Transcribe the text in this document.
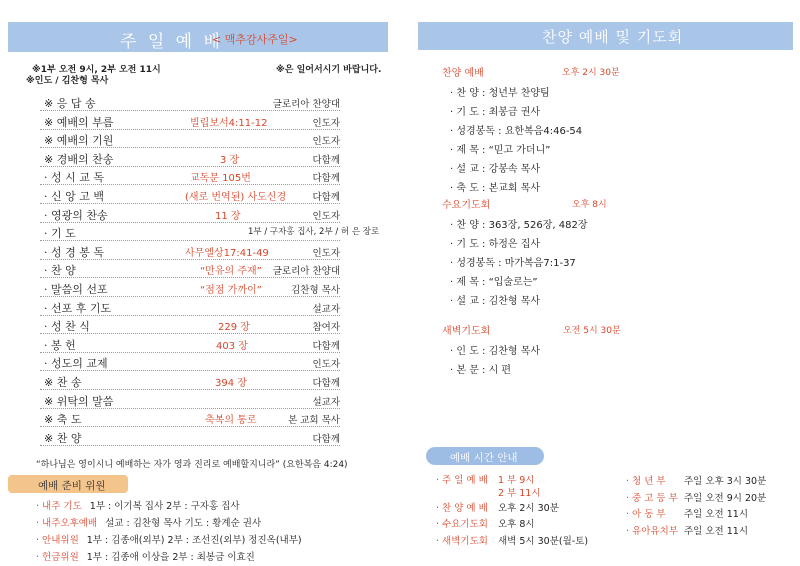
주 일 예 배
< 맥추감사주일>
※1부 오전 9시, 2부 오전 11시	※은 일어서시기 바랍니다.
※인도 / 김찬형 목사
※ 응 답 송	글로리아 찬양대
※ 예배의 부름	빌립보서4:11-12	인도자
※ 예배의 기원	인도자
※ 경배의 찬송	3 장	다함께
· 성 시 교 독	교독문 105번	다함께
· 신 앙 고 백	(새로 번역된) 사도신경	다함께
· 영광의 찬송	11 장	인도자
· 기 도	1부 / 구자홍 집사, 2부 / 허 은 장로
· 성 경 봉 독	사무엘상17:41-49	인도자
· 찬 양	“만유의 주재” 글로리아 찬양대
· 말씀의 선포	“점점 가까이”	김찬형 목사
· 선포 후 기도	설교자
· 성 찬 식	229 장	참여자
· 봉 헌	403 장	다함께
· 성도의 교제	인도자
※ 찬 송	394 장	다함께
※ 위탁의 말씀	설교자
※ 축 도	축복의 통로	본 교회 목사
※ 찬 양	다함께
“하나님은 영이시니 예배하는 자가 영과 진리로 예배할지니라” (요한복음 4:24)
예배 준비 위원
· 내주 기도 1부 : 이기복 집사 2부 : 구자홍 집사
· 내주오후예배 설교 : 김찬형 목사 기도 : 황계순 권사
· 안내위원 1부 : 김종애(외부) 2부 : 조선진(외부) 정진옥(내부)
· 헌금위원 1부 : 김종애 이상을 2부 : 최봉금 이효진
찬양 예배 및 기도회
찬양 예배	오후 2시 30분
· 찬 양 : 청년부 찬양팀
· 기 도 : 최봉금 권사
· 성경봉독 : 요한복음4:46-54
· 제 목 : “믿고 가더니”
· 설 교 : 강봉속 목사
· 축 도 : 본교회 목사
수요기도회	오후 8시
· 찬 양 : 363장, 526장, 482장
· 기 도 : 하정은 집사
· 성경봉독 : 마가복음7:1-37
· 제 목 : “입술로는”
· 설 교 : 김찬형 목사
새벽기도회	오전 5시 30분
· 인 도 : 김찬형 목사
· 본 문 : 시 편
예배 시간 안내
· 주 일 예 배 1 부 9시
2 부 11시
· 찬 양 예 배 오후 2시 30분
· 수요기도회 오후 8시
· 새벽기도회 새벽 5시 30분(월-토)
· 청 년 부 주일 오후 3시 30분
· 중 고 등 부 주일 오전 9시 20분
· 아 동 부 주일 오전 11시
· 유아유치부 주일 오전 11시
